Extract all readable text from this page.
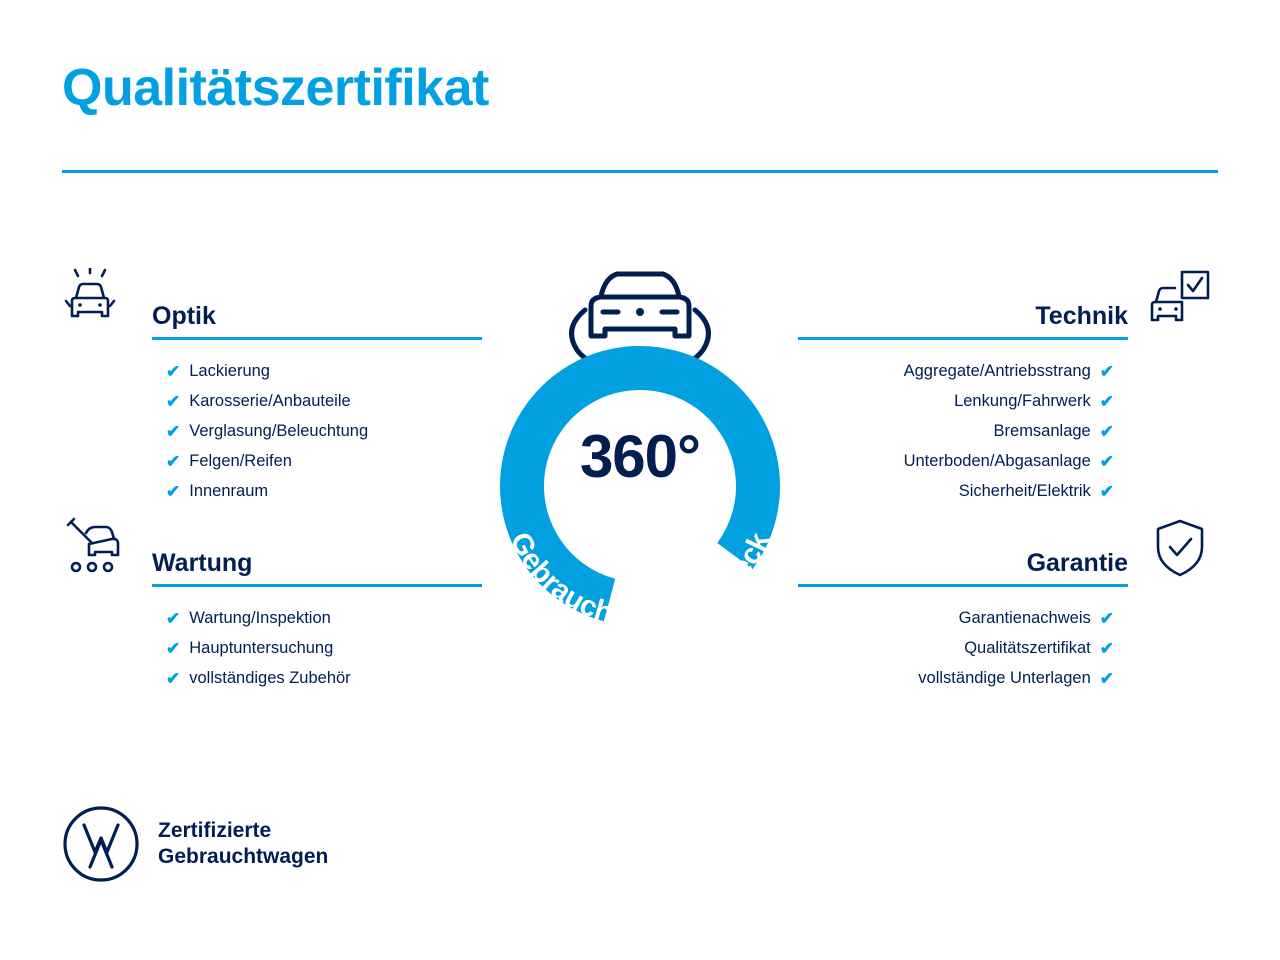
Qualitätszertifikat
Optik
✔ Lackierung
✔ Karosserie/Anbauteile
✔ Verglasung/Beleuchtung
✔ Felgen/Reifen
✔ Innenraum
Wartung
✔ Wartung/Inspektion
✔ Hauptuntersuchung
✔ vollständiges Zubehör
Technik
✔
Aggregate/Antriebsstrang
✔
Lenkung/Fahrwerk
✔
Bremsanlage
✔
Unterboden/Abgasanlage
✔
Sicherheit/Elektrik
Garantie
✔
Garantienachweis
✔
Qualitätszertifikat
✔
vollständige Unterlagen
Gebrauchtwagen-Check
360°
Zertifizierte
Gebrauchtwagen
